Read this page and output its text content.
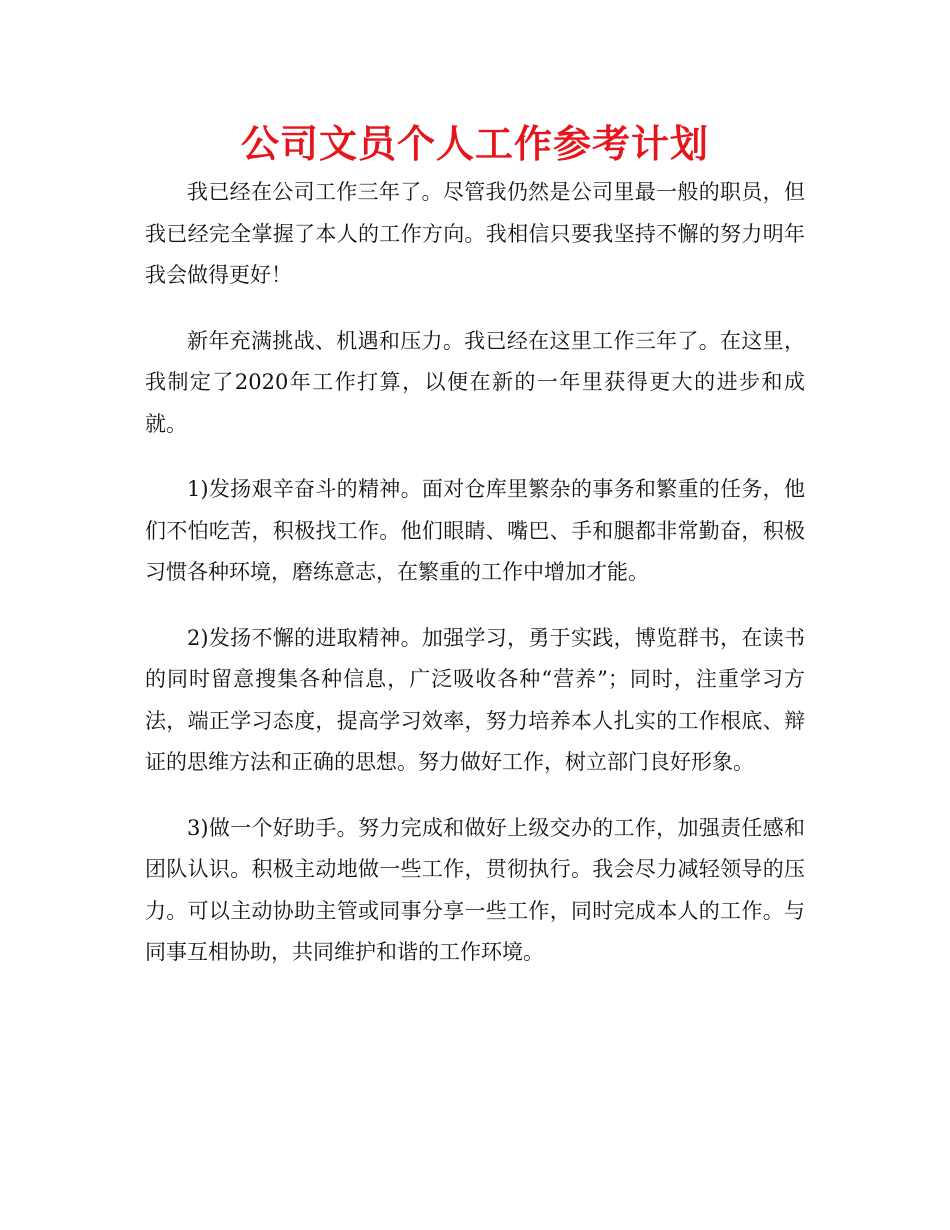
公司文员个人工作参考计划

我已经在公司工作三年了。尽管我仍然是公司里最一般的职员，但我已经完全掌握了本人的工作方向。我相信只要我坚持不懈的努力明年我会做得更好！

新年充满挑战、机遇和压力。我已经在这里工作三年了。在这里，我制定了2020年工作打算，以便在新的一年里获得更大的进步和成就。

1)发扬艰辛奋斗的精神。面对仓库里繁杂的事务和繁重的任务，他们不怕吃苦，积极找工作。他们眼睛、嘴巴、手和腿都非常勤奋，积极习惯各种环境，磨练意志，在繁重的工作中增加才能。

2)发扬不懈的进取精神。加强学习，勇于实践，博览群书，在读书的同时留意搜集各种信息，广泛吸收各种“营养”；同时，注重学习方法，端正学习态度，提高学习效率，努力培养本人扎实的工作根底、辩证的思维方法和正确的思想。努力做好工作，树立部门良好形象。

3)做一个好助手。努力完成和做好上级交办的工作，加强责任感和团队认识。积极主动地做一些工作，贯彻执行。我会尽力减轻领导的压力。可以主动协助主管或同事分享一些工作，同时完成本人的工作。与同事互相协助，共同维护和谐的工作环境。
